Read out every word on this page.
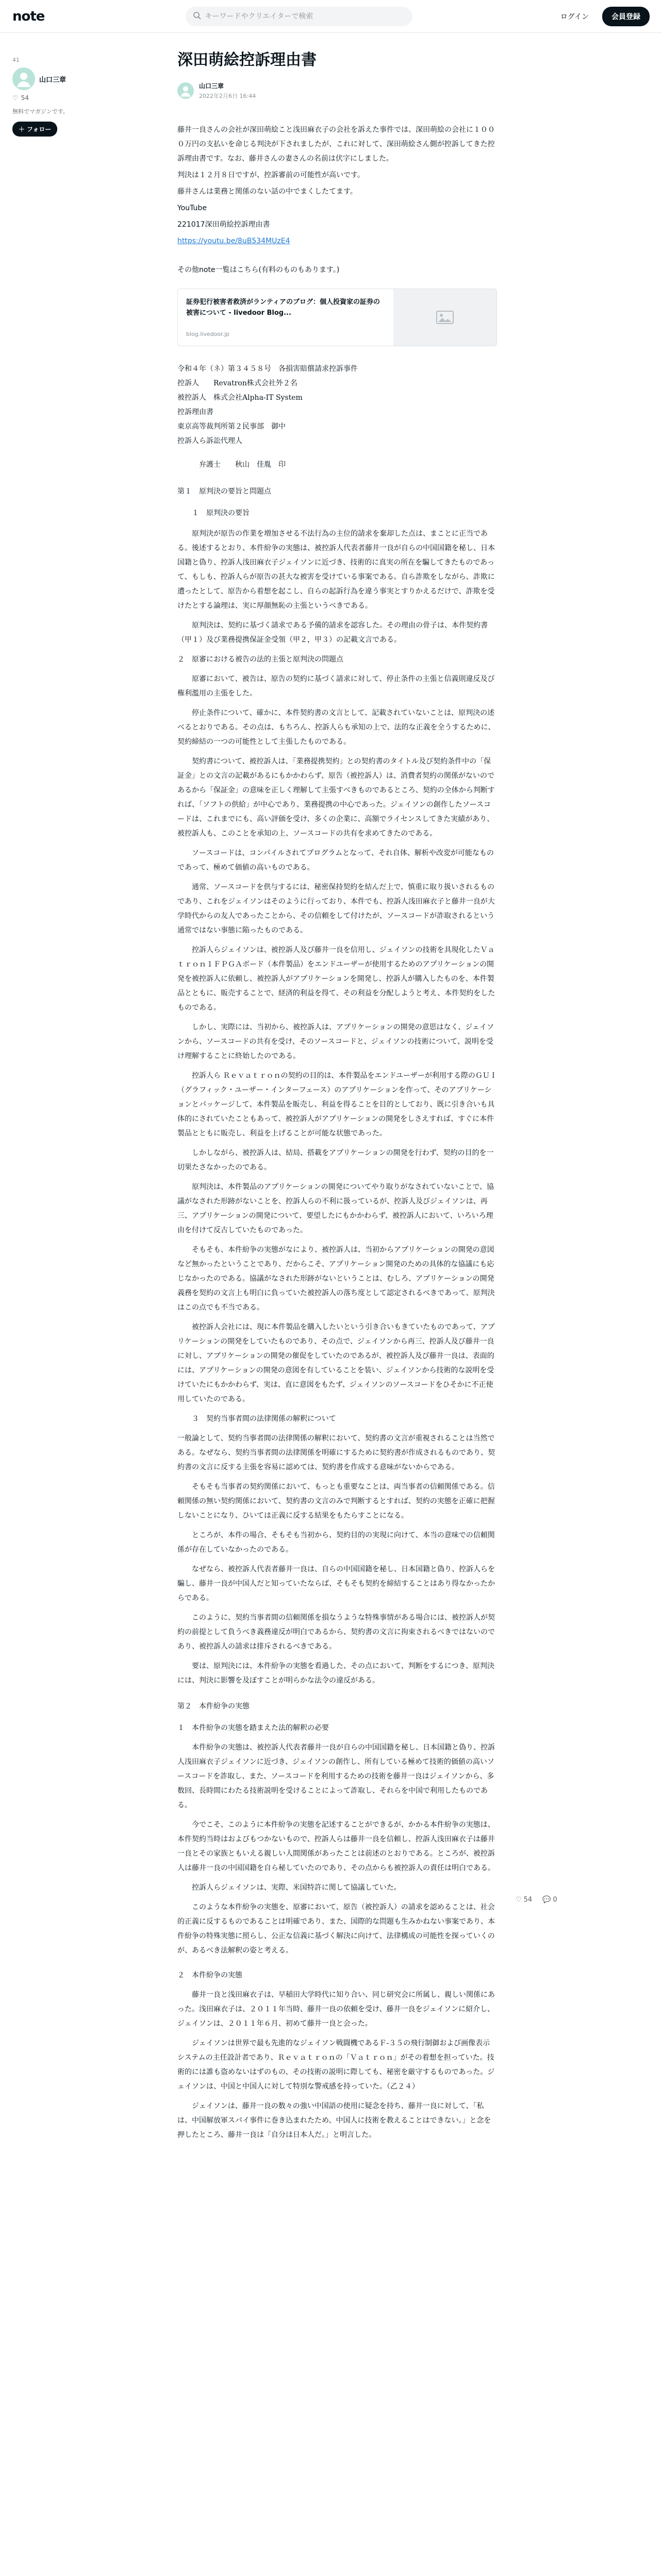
note
キーワードやクリエイターで検索	ログイン	会員登録
41
山口三章
♡ 54
無料でマガジンです。
＋ フォロー
深田萌絵控訴理由書
山口三章
2022年2月6日 16:44

藤井一良さんの会社が深田萌絵こと浅田麻衣子の会社を訴えた事件では、深田萌絵の会社に１０００万円の支払いを命じる判決が下されましたが、これに対して、深田萌絵さん側が控訴してきた控訴理由書です。なお、藤井さんの妻さんの名前は伏字にしました。

判決は１２月８日ですが、控訴審前の可能性が高いです。

藤井さんは業務と関係のない話の中でまくしたてます。

YouTube

221017深田萌絵控訴理由書

https://youtu.be/8uB534MUzE4

その他note一覧はこちら(有料のものもあります。)

証券犯行被害者救済がランティアのブログ：個人投資家の証券の被害について - livedoor Blog...
blog.livedoor.jp

令和４年（ネ）第３４５８号　各損害賠償請求控訴事件

控訴人　　Revatron株式会社外２名

被控訴人　株式会社Alpha-IT System

控訴理由書

東京高等裁判所第２民事部　御中

控訴人ら訴訟代理人

弁護士　　秋山　佳胤　印

第１　原判決の要旨と問題点

１　原判決の要旨

原判決が原告の作業を増加させる不法行為の主位的請求を棄却した点は、まことに正当である。後述するとおり、本件紛争の実態は、被控訴人代表者藤井一良が自らの中国国籍を秘し、日本国籍と偽り、控訴人浅田麻衣子ジェイソンに近づき、技術的に真実の所在を騙してきたものであって、もしも、控訴人らが原告の甚大な被害を受けている事案である。自ら詐欺をしながら、詐欺に遭ったとして、原告から着想を起こし、自らの起訴行為を違う事実とすりかえるだけで、詐欺を受けたとする論理は、実に厚顔無恥の主張というべきである。

原判決は、契約に基づく請求である予備的請求を認容した。その理由の骨子は、本件契約書（甲１）及び業務提携保証金受領（甲２，甲３）の記載文言である。

２　原審における被告の法的主張と原判決の問題点

原審において、被告は、原告の契約に基づく請求に対して、停止条件の主張と信義則違反及び権利濫用の主張をした。

停止条件について、確かに、本件契約書の文言として、記載されていないことは、原判決の述べるとおりである。その点は、もちろん、控訴人らも承知の上で、法的な正義を全うするために、契約締結の一つの可能性として主張したものである。

契約書について、被控訴人は、「業務提携契約」との契約書のタイトル及び契約条件中の「保証金」との文言の記載があるにもかかわらず、原告（被控訴人）は、消費者契約の関係がないのであるから「保証金」の意味を正しく理解して主張すべきものであるところ、契約の全体から判断すれば、「ソフトの供給」が中心であり、業務提携の中心であった。ジェイソンの創作したソースコードは、これまでにも、高い評価を受け、多くの企業に、高額でライセンスしてきた実績があり、被控訴人も、このことを承知の上、ソースコードの共有を求めてきたのである。

ソースコードは、コンパイルされてプログラムとなって、それ自体、解析や改変が可能なものであって、極めて価値の高いものである。

通常、ソースコードを供与するには、秘密保持契約を結んだ上で、慎重に取り扱いされるものであり、これをジェイソンはそのように行っており、本件でも、控訴人浅田麻衣子と藤井一良が大学時代からの友人であったことから、その信頼をして付けたが、ソースコードが詐取されるという通常ではない事態に陥ったものである。

控訴人らジェイソンは、被控訴人及び藤井一良を信用し、ジェイソンの技術を具現化したＶａｔｒｏｎ１ＦＰＧＡボード（本件製品）をエンドユーザーが使用するためのアプリケーションの開発を被控訴人に依頼し、被控訴人がアプリケーションを開発し、控訴人が購入したものを、本件製品とともに、販売することで、経済的利益を得て、その利益を分配しようと考え、本件契約をしたものである。

しかし、実際には、当初から、被控訴人は、アプリケーションの開発の意思はなく、ジェイソンから、ソースコードの共有を受け、そのソースコードと、ジェイソンの技術について、説明を受け理解することに終始したのである。

控訴人ら Ｒｅｖａｔｒｏｎの契約の目的は、本件製品をエンドユーザーが利用する際のＧＵＩ（グラフィック・ユーザー・インターフェース）のアプリケーションを作って、そのアプリケーションとパッケージして、本件製品を販売し、利益を得ることを目的としており、既に引き合いも具体的にされていたこともあって、被控訴人がアプリケーションの開発をしさえすれば、すぐに本件製品とともに販売し、利益を上げることが可能な状態であった。

しかしながら、被控訴人は、結局、搭載をアプリケーションの開発を行わず、契約の目的を一切果たさなかったのである。

原判決は、本件製品のアプリケーションの開発についてやり取りがなされていないことで、協議がなされた形跡がないことを、控訴人らの不利に扱っているが、控訴人及びジェイソンは、再三、アプリケーションの開発について、要望したにもかかわらず、被控訴人において、いろいろ理由を付けて反古していたものであった。

そもそも、本件紛争の実態がなにより、被控訴人は、当初からアプリケーションの開発の意図など無かったということであり、だからこそ、アプリケーション開発のための具体的な協議にも応じなかったのである。協議がなされた形跡がないということは、むしろ、アプリケーションの開発義務を契約の文言上も明白に負っていた被控訴人の落ち度として認定されるべきであって、原判決はこの点でも不当である。

被控訴人会社には、現に本件製品を購入したいという引き合いもきていたものであって、アプリケーションの開発をしていたものであり、その点で、ジェイソンから再三、控訴人及び藤井一良に対し、アプリケーションの開発の催促をしていたのであるが、被控訴人及び藤井一良は、表面的には、アプリケーションの開発の意図を有していることを装い、ジェイソンから技術的な説明を受けていたにもかかわらず、実は、直に意図をもたず、ジェイソンのソースコードをひそかに不正使用していたのである。

３　契約当事者間の法律関係の解釈について

一般論として、契約当事者間の法律関係の解釈において、契約書の文言が重視されることは当然である。なぜなら、契約当事者間の法律関係を明確にするために契約書が作成されるものであり、契約書の文言に反する主張を容易に認めては、契約書を作成する意味がないからである。

そもそも当事者の契約関係において、もっとも重要なことは、両当事者の信頼関係である。信頼関係の無い契約関係において、契約書の文言のみで判断するとすれば、契約の実態を正確に把握しないことになり、ひいては正義に反する結果をもたらすことになる。

ところが、本件の場合、そもそも当初から、契約目的の実現に向けて、本当の意味での信頼関係が存在していなかったのである。

なぜなら、被控訴人代表者藤井一良は、自らの中国国籍を秘し、日本国籍と偽り、控訴人らを騙し、藤井一良が中国人だと知っていたならば、そもそも契約を締結することはあり得なかったからである。

このように、契約当事者間の信頼関係を損なうような特殊事情がある場合には、被控訴人が契約の前提として負うべき義務違反が明白であるから、契約書の文言に拘束されるべきではないのであり、被控訴人の請求は排斥されるべきである。

要は、原判決には、本件紛争の実態を看過した、その点において、判断をするにつき、原判決には、判決に影響を及ぼすことが明らかな法令の違反がある。

第２　本件紛争の実態

１　本件紛争の実態を踏まえた法的解釈の必要

本件紛争の実態は、被控訴人代表者藤井一良が自らの中国国籍を秘し、日本国籍と偽り、控訴人浅田麻衣子ジェイソンに近づき、ジェイソンの創作し、所有している極めて技術的価値の高いソースコードを詐取し、また、ソースコードを利用するための技術を藤井一良はジェイソンから、多数回、長時間にわたる技術説明を受けることによって詐取し、それらを中国で利用したものである。

今でこそ、このように本件紛争の実態を記述することができるが、かかる本件紛争の実態は、本件契約当時はおよびもつかないもので、控訴人らは藤井一良を信頼し、控訴人浅田麻衣子は藤井一良とその家族ともいえる親しい人間関係があったことは前述のとおりである。ところが、被控訴人は藤井一良の中国国籍を自ら秘していたのであり、その点からも被控訴人の責任は明白である。

控訴人らジェイソンは、実際、米国特許に関して協議していた。

このような本件紛争の実態を、原審において、原告（被控訴人）の請求を認めることは、社会的正義に反するものであることは明確であり、また、国際的な問題も生みかねない事案であり、本件紛争の特殊実態に照らし、公正な信義に基づく解決に向けて、法律構成の可能性を探っていくのが、あるべき法解釈の姿と考える。

２　本件紛争の実態

藤井一良と浅田麻衣子は、早稲田大学時代に知り合い、同じ研究会に所属し、親しい関係にあった。浅田麻衣子は、２０１１年当時、藤井一良の依頼を受け、藤井一良をジェイソンに紹介し、ジェイソンは、２０１１年６月、初めて藤井一良と会った。

ジェイソンは世界で最も先進的なジェイソン戦闘機であるＦ‐３５の飛行制御および画像表示システムの主任設計者であり、Ｒｅｖａｔｒｏｎの「Ｖａｔｒｏｎ」がその着想を担っていた。技術的には誰も盗めないはずのもの、その技術の説明に際しても、秘密を厳守するものであった。ジェイソンは、中国と中国人に対して特別な警戒感を持っていた。（乙２４）

ジェイソンは、藤井一良の数々の強い中国語の使用に疑念を持ち、藤井一良に対して、「私は、中国解放軍スパイ事件に巻き込まれたため、中国人に技術を教えることはできない。」と念を押したところ、藤井一良は「自分は日本人だ。」と明言した。

♡ 54 💬 0
